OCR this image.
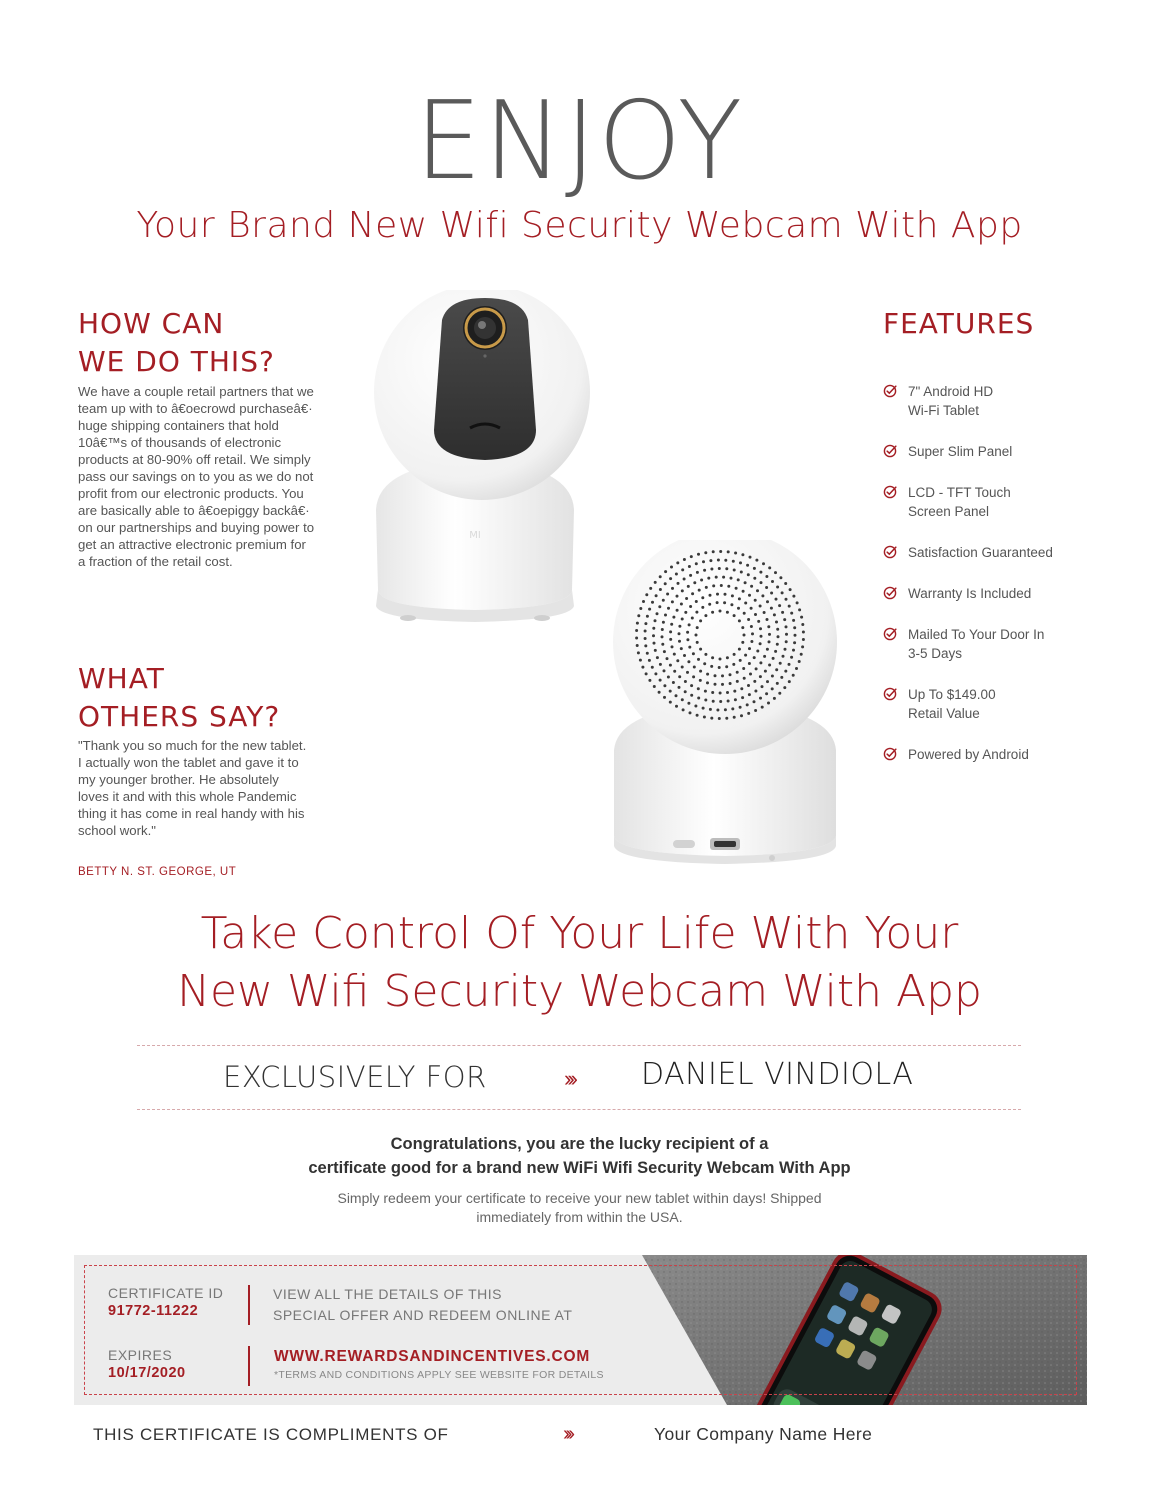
ENJOY
Your Brand New Wifi Security Webcam With App
HOW CAN
WE DO THIS?
We have a couple retail partners that we team up with to â€oecrowd purchaseâ€· huge shipping containers that hold 10â€™s of thousands of electronic products at 80-90% off retail. We simply pass our savings on to you as we do not profit from our electronic products. You are basically able to â€oepiggy backâ€· on our partnerships and buying power to get an attractive electronic premium for a fraction of the retail cost.
WHAT
OTHERS SAY?
"Thank you so much for the new tablet. I actually won the tablet and gave it to my younger brother. He absolutely loves it and with this whole Pandemic thing it has come in real handy with his school work."
BETTY N. ST. GEORGE, UT
FEATURES
7" Android HD
Wi-Fi Tablet
Super Slim Panel
LCD - TFT Touch
Screen Panel
Satisfaction Guaranteed
Warranty Is Included
Mailed To Your Door In
3-5 Days
Up To $149.00
Retail Value
Powered by Android
MI
Take Control Of Your Life With Your
New Wifi Security Webcam With App
EXCLUSIVELY FOR	››› DANIEL VINDIOLA
Congratulations, you are the lucky recipient of a
certificate good for a brand new WiFi Wifi Security Webcam With App
Simply redeem your certificate to receive your new tablet within days! Shipped
immediately from within the USA.
CERTIFICATE ID
91772-11222
EXPIRES
10/17/2020
VIEW ALL THE DETAILS OF THIS
SPECIAL OFFER AND REDEEM ONLINE AT
WWW.REWARDSANDINCENTIVES.COM
*TERMS AND CONDITIONS APPLY SEE WEBSITE FOR DETAILS
THIS CERTIFICATE IS COMPLIMENTS OF	›››	Your Company Name Here
